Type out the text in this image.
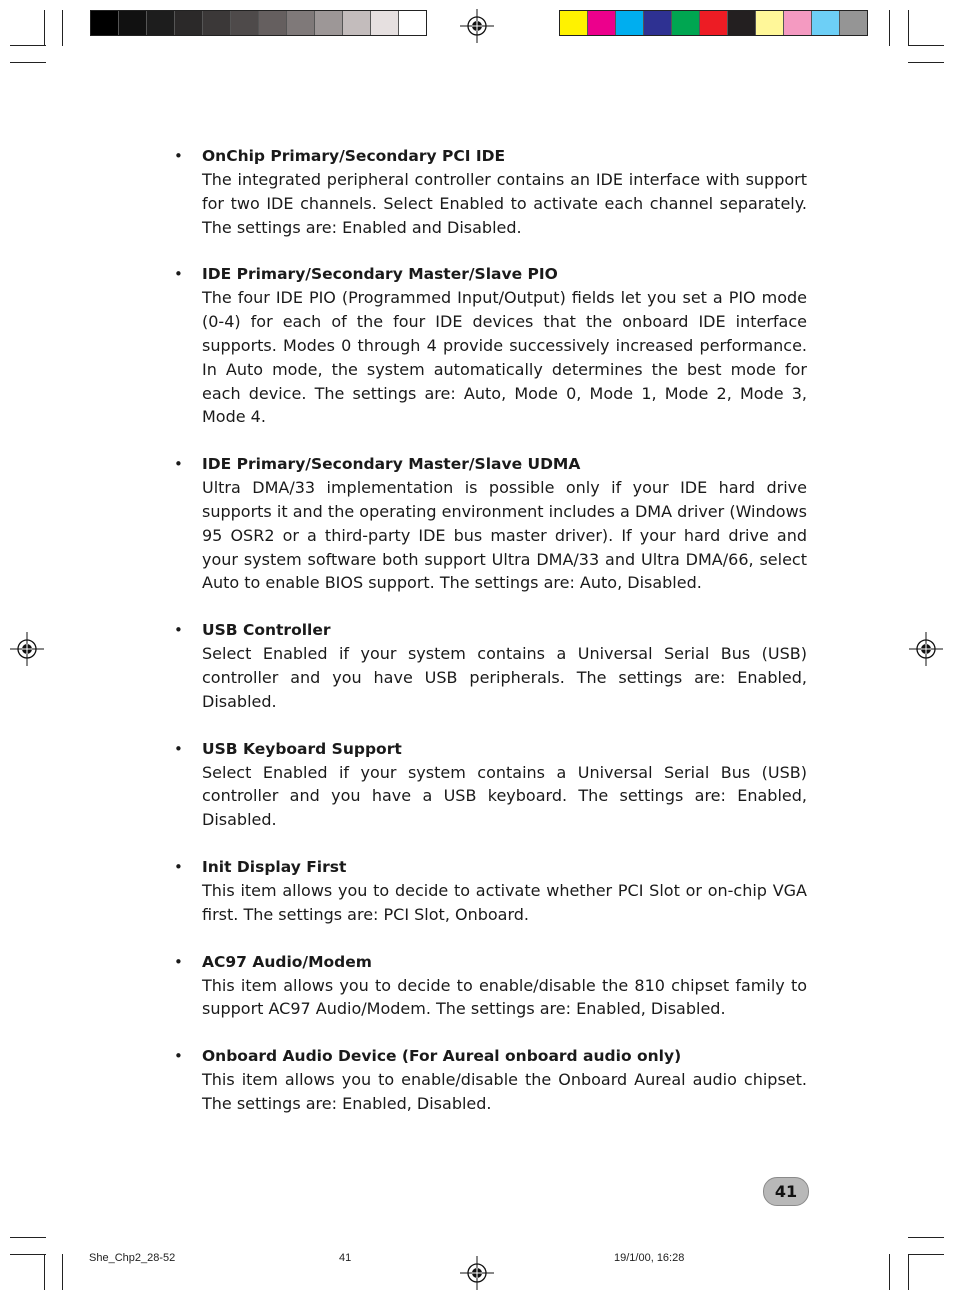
• OnChip Primary/Secondary PCI IDE
The integrated peripheral controller contains an IDE interface with support for two IDE channels. Select Enabled to activate each channel separately. The settings are: Enabled and Disabled.
• IDE Primary/Secondary Master/Slave PIO
The four IDE PIO (Programmed Input/Output) fields let you set a PIO mode (0-4) for each of the four IDE devices that the onboard IDE interface supports. Modes 0 through 4 provide successively increased performance. In Auto mode, the system automatically determines the best mode for each device. The settings are: Auto, Mode 0, Mode 1, Mode 2, Mode 3, Mode 4.
• IDE Primary/Secondary Master/Slave UDMA
Ultra DMA/33 implementation is possible only if your IDE hard drive supports it and the operating environment includes a DMA driver (Windows 95 OSR2 or a third-party IDE bus master driver). If your hard drive and your system software both support Ultra DMA/33 and Ultra DMA/66, select Auto to enable BIOS support. The settings are: Auto, Disabled.
• USB Controller
Select Enabled if your system contains a Universal Serial Bus (USB) controller and you have USB peripherals. The settings are: Enabled, Disabled.
• USB Keyboard Support
Select Enabled if your system contains a Universal Serial Bus (USB) controller and you have a USB keyboard. The settings are: Enabled, Disabled.
• Init Display First
This item allows you to decide to activate whether PCI Slot or on-chip VGA first. The settings are: PCI Slot, Onboard.
• AC97 Audio/Modem
This item allows you to decide to enable/disable the 810 chipset family to support AC97 Audio/Modem. The settings are: Enabled, Disabled.
• Onboard Audio Device (For Aureal onboard audio only)
This item allows you to enable/disable the Onboard Aureal audio chipset. The settings are: Enabled, Disabled.
41
She_Chp2_28-52	41	19/1/00, 16:28
